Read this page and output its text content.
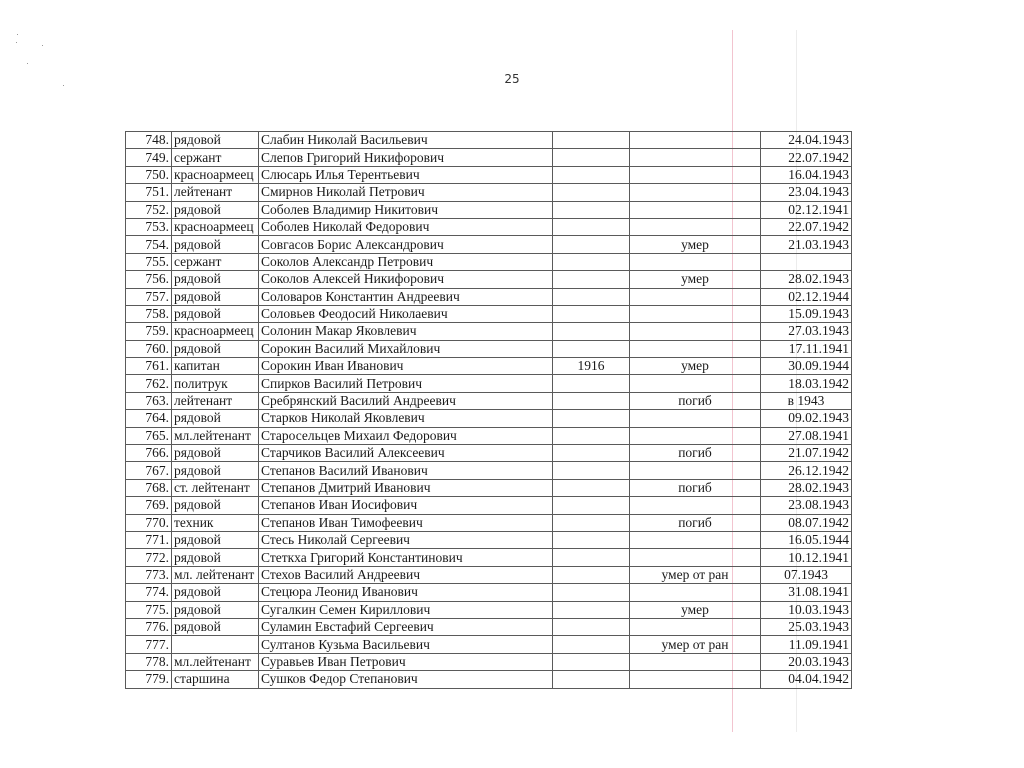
25
748.	рядовой	Слабин Николай Васильевич			24.04.1943
749.	сержант	Слепов Григорий Никифорович			22.07.1942
750.	красноармеец	Слюсарь Илья Терентьевич			16.04.1943
751.	лейтенант	Смирнов Николай Петрович			23.04.1943
752.	рядовой	Соболев Владимир Никитович			02.12.1941
753.	красноармеец	Соболев Николай Федорович			22.07.1942
754.	рядовой	Совгасов Борис Александрович		умер	21.03.1943
755.	сержант	Соколов Александр Петрович			
756.	рядовой	Соколов Алексей Никифорович		умер	28.02.1943
757.	рядовой	Соловаров Константин Андреевич			02.12.1944
758.	рядовой	Соловьев Феодосий Николаевич			15.09.1943
759.	красноармеец	Солонин Макар Яковлевич			27.03.1943
760.	рядовой	Сорокин Василий Михайлович			17.11.1941
761.	капитан	Сорокин Иван Иванович	1916	умер	30.09.1944
762.	политрук	Спирков Василий Петрович			18.03.1942
763.	лейтенант	Сребрянский Василий Андреевич		погиб	в 1943
764.	рядовой	Старков Николай Яковлевич			09.02.1943
765.	мл.лейтенант	Старосельцев Михаил Федорович			27.08.1941
766.	рядовой	Старчиков Василий Алексеевич		погиб	21.07.1942
767.	рядовой	Степанов Василий Иванович			26.12.1942
768.	ст. лейтенант	Степанов Дмитрий Иванович		погиб	28.02.1943
769.	рядовой	Степанов Иван Иосифович			23.08.1943
770.	техник	Степанов Иван Тимофеевич		погиб	08.07.1942
771.	рядовой	Стесь Николай Сергеевич			16.05.1944
772.	рядовой	Стеткха Григорий Константинович			10.12.1941
773.	мл. лейтенант	Стехов Василий Андреевич		умер от ран	07.1943
774.	рядовой	Стецюра Леонид Иванович			31.08.1941
775.	рядовой	Сугалкин Семен Кириллович		умер	10.03.1943
776.	рядовой	Суламин Евстафий Сергеевич			25.03.1943
777.		Султанов Кузьма Васильевич		умер от ран	11.09.1941
778.	мл.лейтенант	Суравьев Иван Петрович			20.03.1943
779.	старшина	Сушков Федор Степанович			04.04.1942
